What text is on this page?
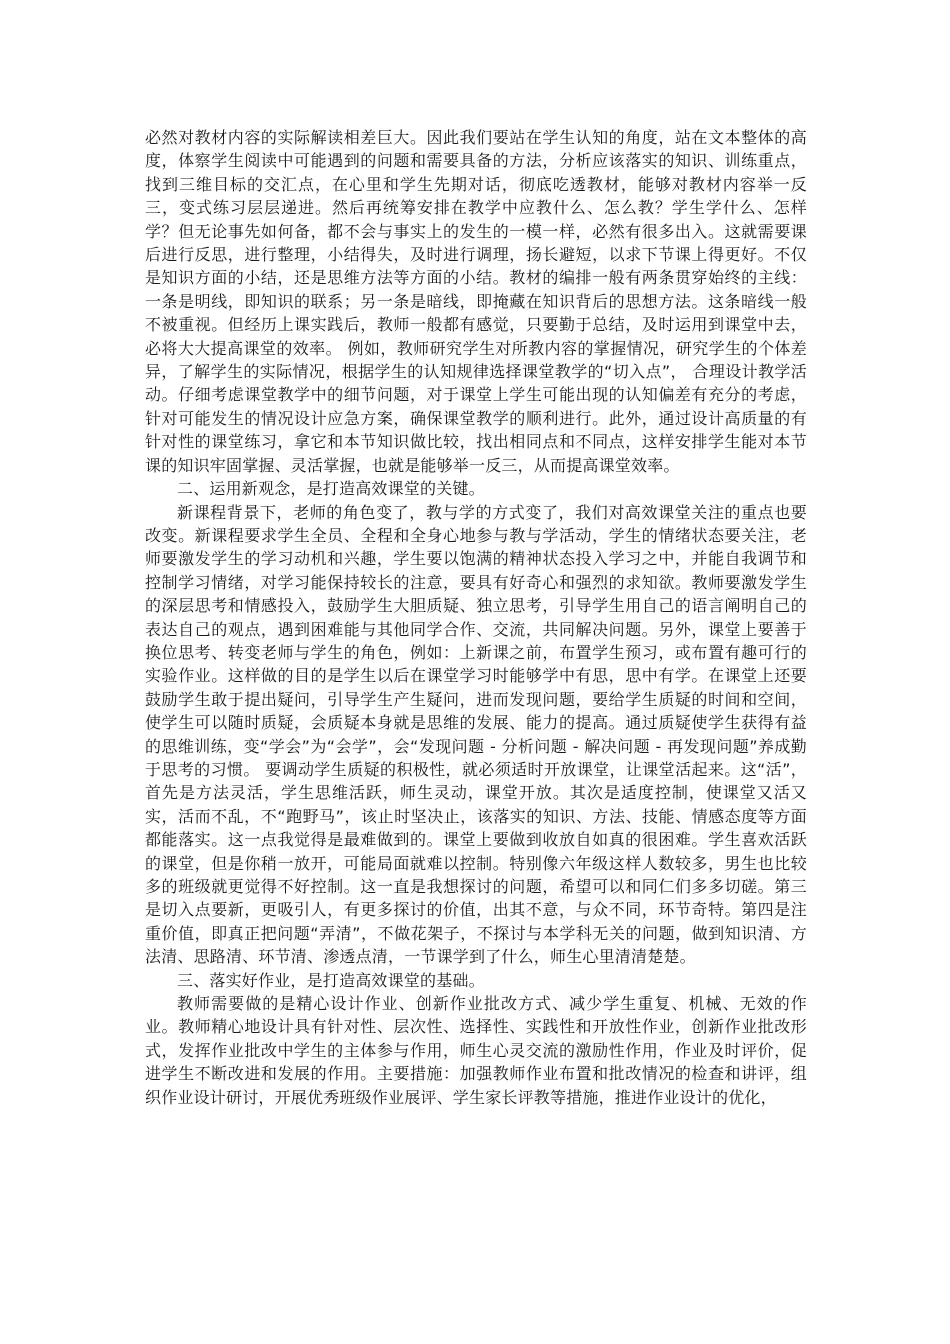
必然对教材内容的实际解读相差巨大。因此我们要站在学生认知的角度，站在文本整体的高度，体察学生阅读中可能遇到的问题和需要具备的方法，分析应该落实的知识、训练重点，找到三维目标的交汇点，在心里和学生先期对话，彻底吃透教材，能够对教材内容举一反三，变式练习层层递进。然后再统筹安排在教学中应教什么、怎么教？学生学什么、怎样学？但无论事先如何备，都不会与事实上的发生的一模一样，必然有很多出入。这就需要课后进行反思，进行整理，小结得失，及时进行调理，扬长避短，以求下节课上得更好。不仅是知识方面的小结，还是思维方法等方面的小结。教材的编排一般有两条贯穿始终的主线：一条是明线，即知识的联系；另一条是暗线，即掩藏在知识背后的思想方法。这条暗线一般不被重视。但经历上课实践后，教师一般都有感觉，只要勤于总结，及时运用到课堂中去，必将大大提高课堂的效率。 例如，教师研究学生对所教内容的掌握情况，研究学生的个体差异，了解学生的实际情况，根据学生的认知规律选择课堂教学的“切入点”， 合理设计教学活动。仔细考虑课堂教学中的细节问题，对于课堂上学生可能出现的认知偏差有充分的考虑，针对可能发生的情况设计应急方案，确保课堂教学的顺利进行。此外，通过设计高质量的有针对性的课堂练习，拿它和本节知识做比较，找出相同点和不同点，这样安排学生能对本节课的知识牢固掌握、灵活掌握，也就是能够举一反三，从而提高课堂效率。

二、运用新观念，是打造高效课堂的关键。

新课程背景下，老师的角色变了，教与学的方式变了，我们对高效课堂关注的重点也要改变。新课程要求学生全员、全程和全身心地参与教与学活动，学生的情绪状态要关注，老师要激发学生的学习动机和兴趣，学生要以饱满的精神状态投入学习之中，并能自我调节和控制学习情绪，对学习能保持较长的注意，要具有好奇心和强烈的求知欲。教师要激发学生的深层思考和情感投入，鼓励学生大胆质疑、独立思考，引导学生用自己的语言阐明自己的表达自己的观点，遇到困难能与其他同学合作、交流，共同解决问题。另外，课堂上要善于换位思考、转变老师与学生的角色，例如：上新课之前，布置学生预习，或布置有趣可行的实验作业。这样做的目的是学生以后在课堂学习时能够学中有思，思中有学。在课堂上还要鼓励学生敢于提出疑问，引导学生产生疑问，进而发现问题，要给学生质疑的时间和空间，使学生可以随时质疑，会质疑本身就是思维的发展、能力的提高。通过质疑使学生获得有益的思维训练，变“学会”为“会学”，会“发现问题 - 分析问题 - 解决问题 - 再发现问题”养成勤于思考的习惯。 要调动学生质疑的积极性，就必须适时开放课堂，让课堂活起来。这“活”，首先是方法灵活，学生思维活跃，师生灵动，课堂开放。其次是适度控制，使课堂又活又实，活而不乱，不“跑野马”，该止时坚决止，该落实的知识、方法、技能、情感态度等方面都能落实。这一点我觉得是最难做到的。课堂上要做到收放自如真的很困难。学生喜欢活跃的课堂，但是你稍一放开，可能局面就难以控制。特别像六年级这样人数较多，男生也比较多的班级就更觉得不好控制。这一直是我想探讨的问题，希望可以和同仁们多多切磋。第三是切入点要新，更吸引人，有更多探讨的价值，出其不意，与众不同，环节奇特。第四是注重价值，即真正把问题“弄清”，不做花架子，不探讨与本学科无关的问题，做到知识清、方法清、思路清、环节清、渗透点清，一节课学到了什么，师生心里清清楚楚。

三、落实好作业，是打造高效课堂的基础。

教师需要做的是精心设计作业、创新作业批改方式、减少学生重复、机械、无效的作业。教师精心地设计具有针对性、层次性、选择性、实践性和开放性作业，创新作业批改形式，发挥作业批改中学生的主体参与作用，师生心灵交流的激励性作用，作业及时评价，促进学生不断改进和发展的作用。主要措施：加强教师作业布置和批改情况的检查和讲评，组织作业设计研讨，开展优秀班级作业展评、学生家长评教等措施，推进作业设计的优化，
